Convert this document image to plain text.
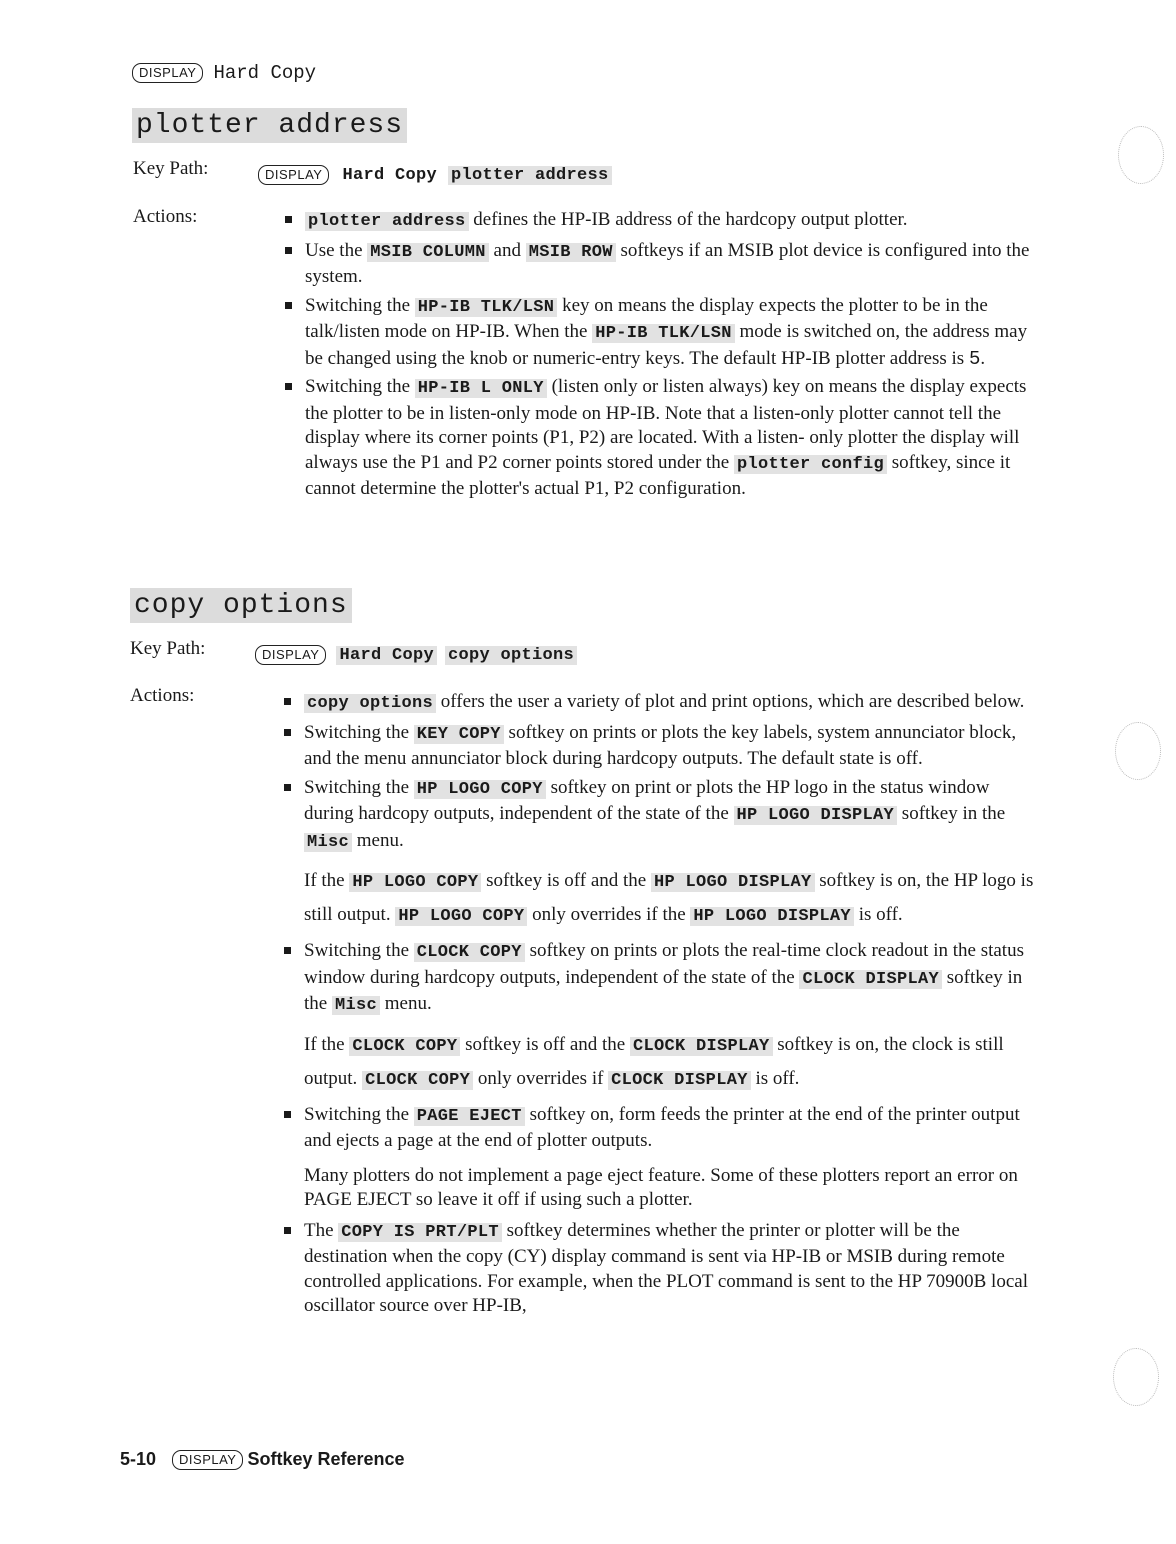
DISPLAY Hard Copy
plotter address
Key Path:	DISPLAY	Hard Copy plotter address
Actions:	plotter address defines the HP-IB address of the hardcopy output plotter.
Use the MSIB COLUMN and MSIB ROW softkeys if an MSIB plot device is configured into the system.
Switching the HP-IB TLK/LSN key on means the display expects the plotter to be in the talk/listen mode on HP-IB. When the HP-IB TLK/LSN mode is switched on, the address may be changed using the knob or numeric-entry keys. The default HP-IB plotter address is 5.
Switching the HP-IB L ONLY (listen only or listen always) key on means the display expects the plotter to be in listen-only mode on HP-IB. Note that a listen-only plotter cannot tell the display where its corner points (P1, P2) are located. With a listen- only plotter the display will always use the P1 and P2 corner points stored under the plotter config softkey, since it cannot determine the plotter's actual P1, P2 configuration.
copy options
Key Path:	DISPLAY	Hard Copy copy options
Actions:	copy options offers the user a variety of plot and print options, which are described below.
Switching the KEY COPY softkey on prints or plots the key labels, system annunciator block, and the menu annunciator block during hardcopy outputs. The default state is off.
Switching the HP LOGO COPY softkey on print or plots the HP logo in the status window during hardcopy outputs, independent of the state of the HP LOGO DISPLAY softkey in the Misc menu.
If the HP LOGO COPY softkey is off and the HP LOGO DISPLAY softkey is on, the HP logo is still output. HP LOGO COPY only overrides if the HP LOGO DISPLAY is off.
Switching the CLOCK COPY softkey on prints or plots the real-time clock readout in the status window during hardcopy outputs, independent of the state of the CLOCK DISPLAY softkey in the Misc menu.
If the CLOCK COPY softkey is off and the CLOCK DISPLAY softkey is on, the clock is still output. CLOCK COPY only overrides if CLOCK DISPLAY is off.
Switching the PAGE EJECT softkey on, form feeds the printer at the end of the printer output and ejects a page at the end of plotter outputs.
Many plotters do not implement a page eject feature. Some of these plotters report an error on PAGE EJECT so leave it off if using such a plotter.
The COPY IS PRT/PLT softkey determines whether the printer or plotter will be the destination when the copy (CY) display command is sent via HP-IB or MSIB during remote controlled applications. For example, when the PLOT command is sent to the HP 70900B local oscillator source over HP-IB,
5-10	DISPLAY Softkey Reference
